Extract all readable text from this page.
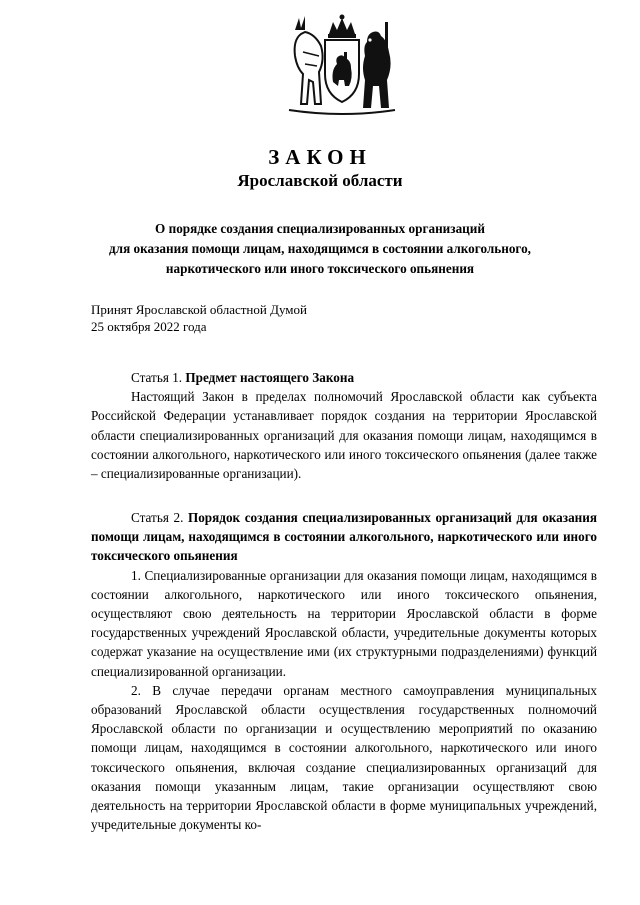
ЗАКОН
Ярославской области
О порядке создания специализированных организаций
для оказания помощи лицам, находящимся в состоянии алкогольного,
наркотического или иного токсического опьянения
Принят Ярославской областной Думой
25 октября 2022 года
Статья 1. Предмет настоящего Закона

Настоящий Закон в пределах полномочий Ярославской области как субъекта Российской Федерации устанавливает порядок создания на территории Ярославской области специализированных организаций для оказания помощи лицам, находящимся в состоянии алкогольного, наркотического или иного токсического опьянения (далее также – специализированные организации).

Статья 2. Порядок создания специализированных организаций для оказания помощи лицам, находящимся в состоянии алкогольного, наркотического или иного токсического опьянения

1. Специализированные организации для оказания помощи лицам, находящимся в состоянии алкогольного, наркотического или иного токсического опьянения, осуществляют свою деятельность на территории Ярославской области в форме государственных учреждений Ярославской области, учредительные документы которых содержат указание на осуществление ими (их структурными подразделениями) функций специализированной организации.

2. В случае передачи органам местного самоуправления муниципальных образований Ярославской области осуществления государственных полномочий Ярославской области по организации и осуществлению мероприятий по оказанию помощи лицам, находящимся в состоянии алкогольного, наркотического или иного токсического опьянения, включая создание специализированных организаций для оказания помощи указанным лицам, такие организации осуществляют свою деятельность на территории Ярославской области в форме муниципальных учреждений, учредительные документы ко-
